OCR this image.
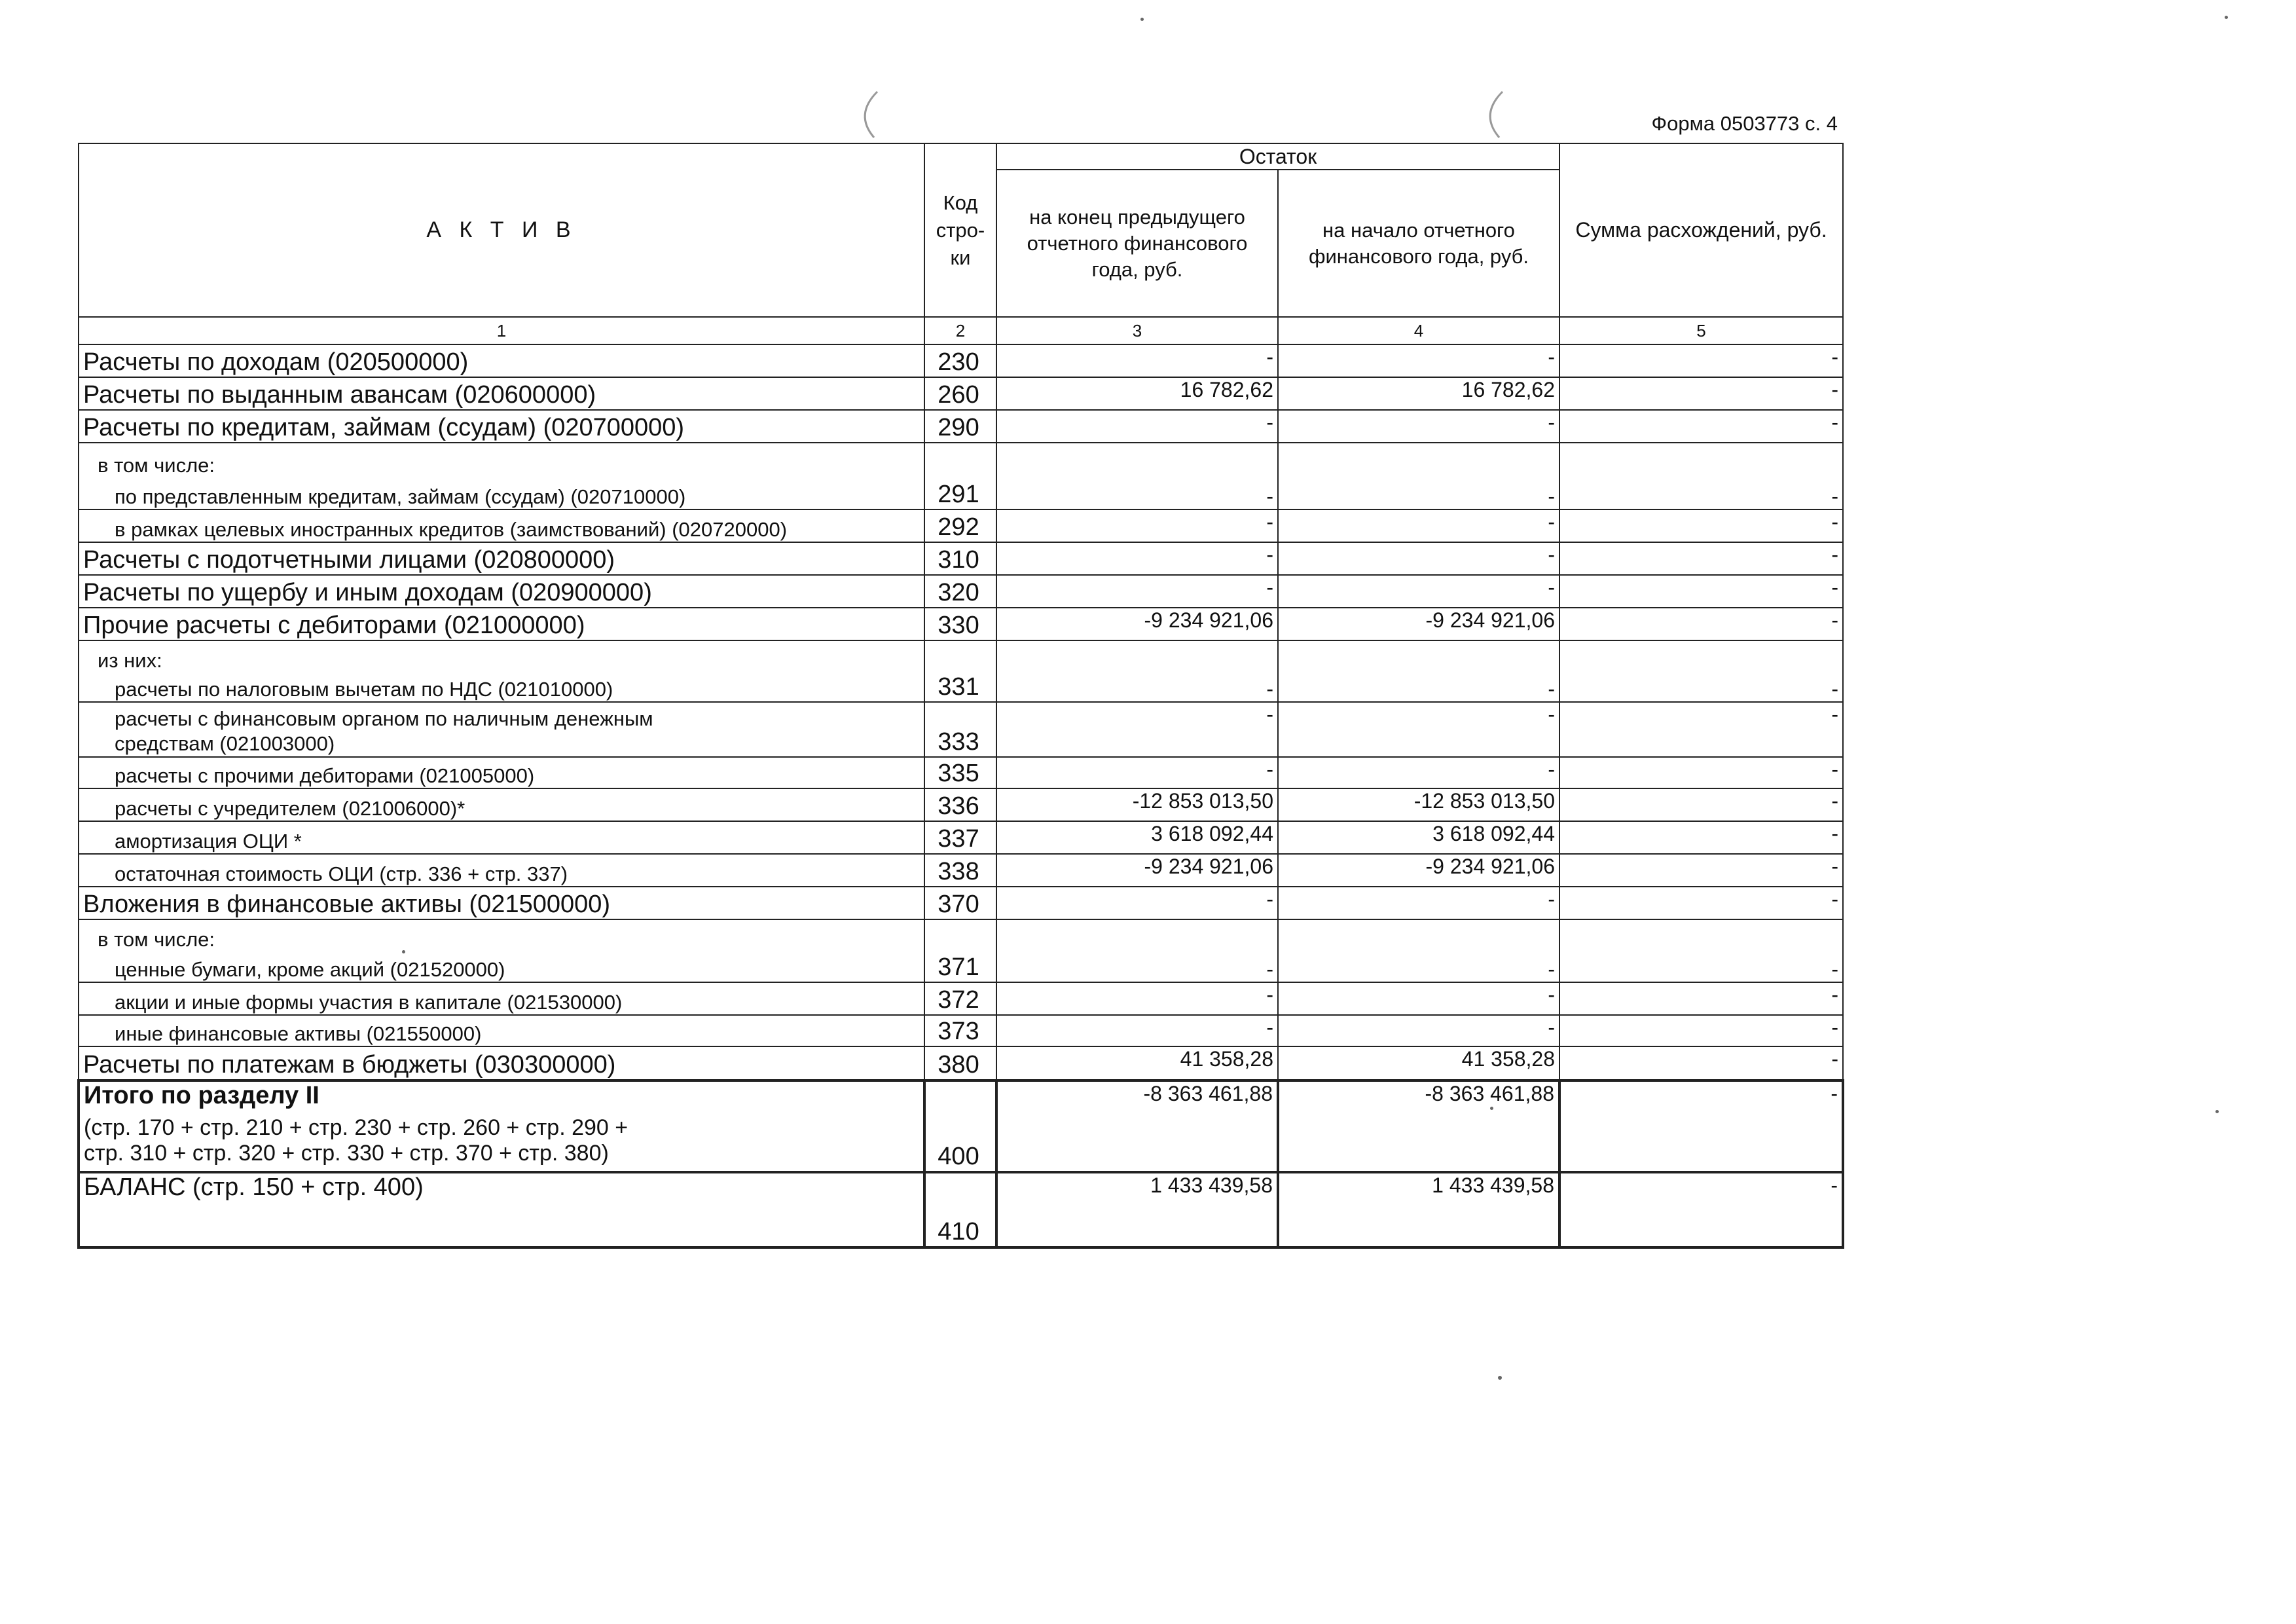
Форма 0503773 с. 4
А К Т И В	Код стро-ки	Остаток		Сумма расхождений, руб.
		на конец предыдущего отчетного финансового года, руб.	на начало отчетного финансового года, руб.	
1	2	3	4	5
Расчеты по доходам (020500000)	230	-	-	-
Расчеты по выданным авансам (020600000)	260	16 782,62	16 782,62	-
Расчеты по кредитам, займам (ссудам) (020700000)	290	-	-	-

в том числе:
по представленным кредитам, займам (ссудам) (020710000)	291	-	-	-
в рамках целевых иностранных кредитов (заимствований) (020720000)	292	-	-	-
Расчеты с подотчетными лицами (020800000)	310	-	-	-
Расчеты по ущербу и иным доходам (020900000)	320	-	-	-
Прочие расчеты с дебиторами (021000000)	330	-9 234 921,06	-9 234 921,06	-

из них:
расчеты по налоговым вычетам по НДС (021010000)	331	-	-	-

расчеты с финансовым органом по наличным денежным средствам (021003000)	333	-	-	-
расчеты с прочими дебиторами (021005000)	335	-	-	-
расчеты с учредителем (021006000)*	336	-12 853 013,50	-12 853 013,50	-
амортизация ОЦИ *	337	3 618 092,44	3 618 092,44	-
остаточная стоимость ОЦИ (стр. 336 + стр. 337)	338	-9 234 921,06	-9 234 921,06	-
Вложения в финансовые активы (021500000)	370	-	-	-

в том числе:
ценные бумаги, кроме акций (021520000)	371	-	-	-
акции и иные формы участия в капитале (021530000)	372	-	-	-
иные финансовые активы (021550000)	373	-	-	-
Расчеты по платежам в бюджеты (030300000)	380	41 358,28	41 358,28	-

Итого по разделу II
(стр. 170 + стр. 210 + стр. 230 + стр. 260 + стр. 290 +
стр. 310 + стр. 320 + стр. 330 + стр. 370 + стр. 380)	400	-8 363 461,88	-8 363 461,88	-
БАЛАНС (стр. 150 + стр. 400)	410	1 433 439,58	1 433 439,58	-
